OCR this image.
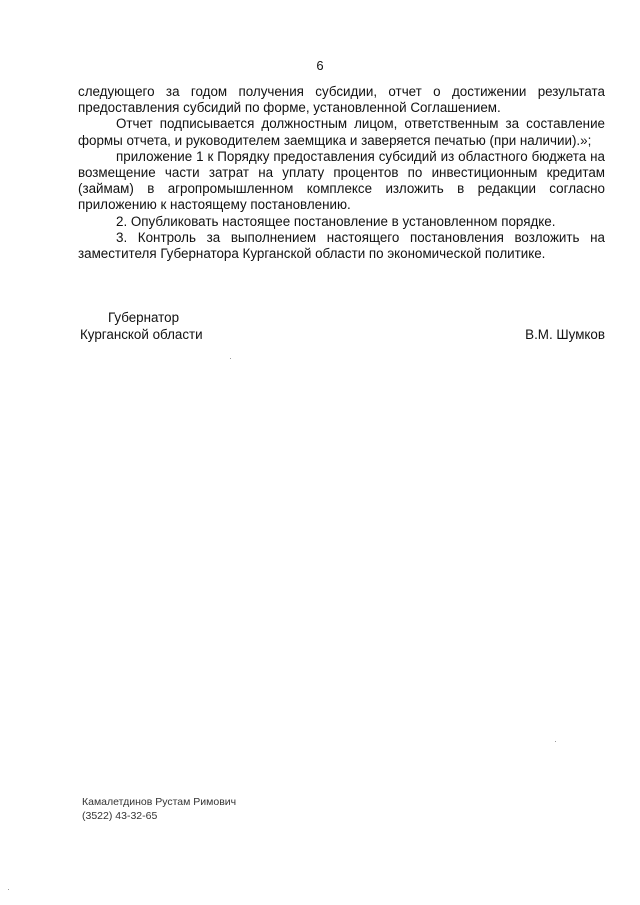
6

следующего за годом получения субсидии, отчет о достижении результата предоставления субсидий по форме, установленной Соглашением.

Отчет подписывается должностным лицом, ответственным за составление формы отчета, и руководителем заемщика и заверяется печатью (при наличии).»;

приложение 1 к Порядку предоставления субсидий из областного бюджета на возмещение части затрат на уплату процентов по инвестиционным кредитам (займам) в агропромышленном комплексе изложить в редакции согласно приложению к настоящему постановлению.

2. Опубликовать настоящее постановление в установленном порядке.

3. Контроль за выполнением настоящего постановления возложить на заместителя Губернатора Курганской области по экономической политике.

Губернатор
Курганской области	В.М. Шумков
Камалетдинов Рустам Римович
(3522) 43-32-65
